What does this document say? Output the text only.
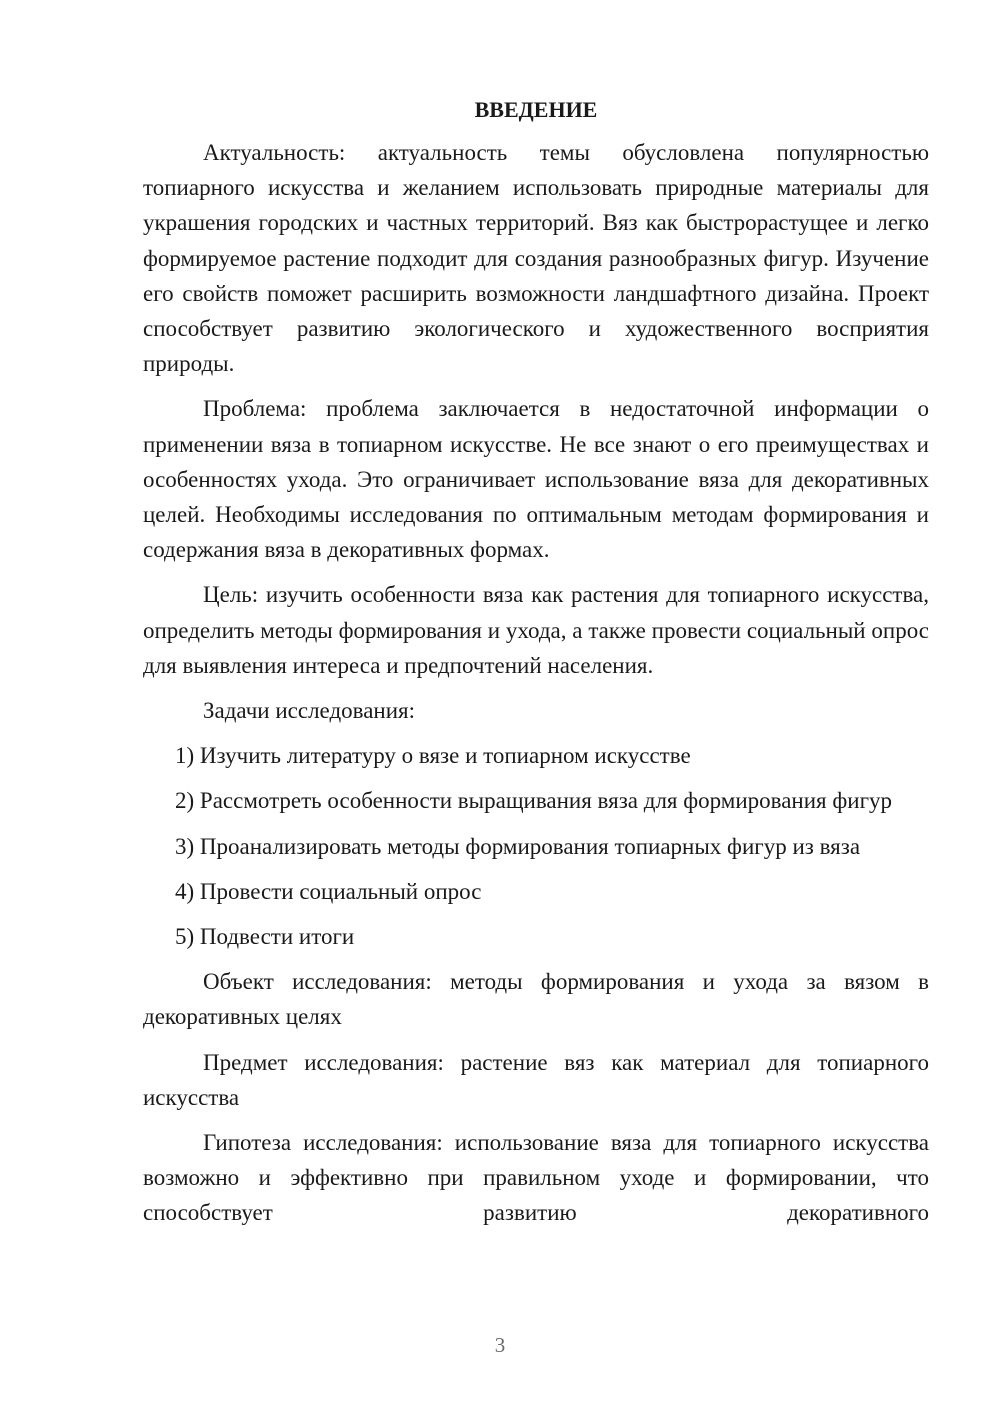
ВВЕДЕНИЕ

Актуальность: актуальность темы обусловлена популярностью топиарного искусства и желанием использовать природные материалы для украшения городских и частных территорий. Вяз как быстрорастущее и легко формируемое растение подходит для создания разнообразных фигур. Изучение его свойств поможет расширить возможности ландшафтного дизайна. Проект способствует развитию экологического и художественного восприятия природы.

Проблема: проблема заключается в недостаточной информации о применении вяза в топиарном искусстве. Не все знают о его преимуществах и особенностях ухода. Это ограничивает использование вяза для декоративных целей. Необходимы исследования по оптимальным методам формирования и содержания вяза в декоративных формах.

Цель: изучить особенности вяза как растения для топиарного искусства, определить методы формирования и ухода, а также провести социальный опрос для выявления интереса и предпочтений населения.

Задачи исследования:

1) Изучить литературу о вязе и топиарном искусстве

2) Рассмотреть особенности выращивания вяза для формирования фигур

3) Проанализировать методы формирования топиарных фигур из вяза

4) Провести социальный опрос

5) Подвести итоги

Объект исследования: методы формирования и ухода за вязом в декоративных целях

Предмет исследования: растение вяз как материал для топиарного искусства

Гипотеза исследования: использование вяза для топиарного искусства возможно и эффективно при правильном уходе и формировании, что способствует развитию декоративного

3
